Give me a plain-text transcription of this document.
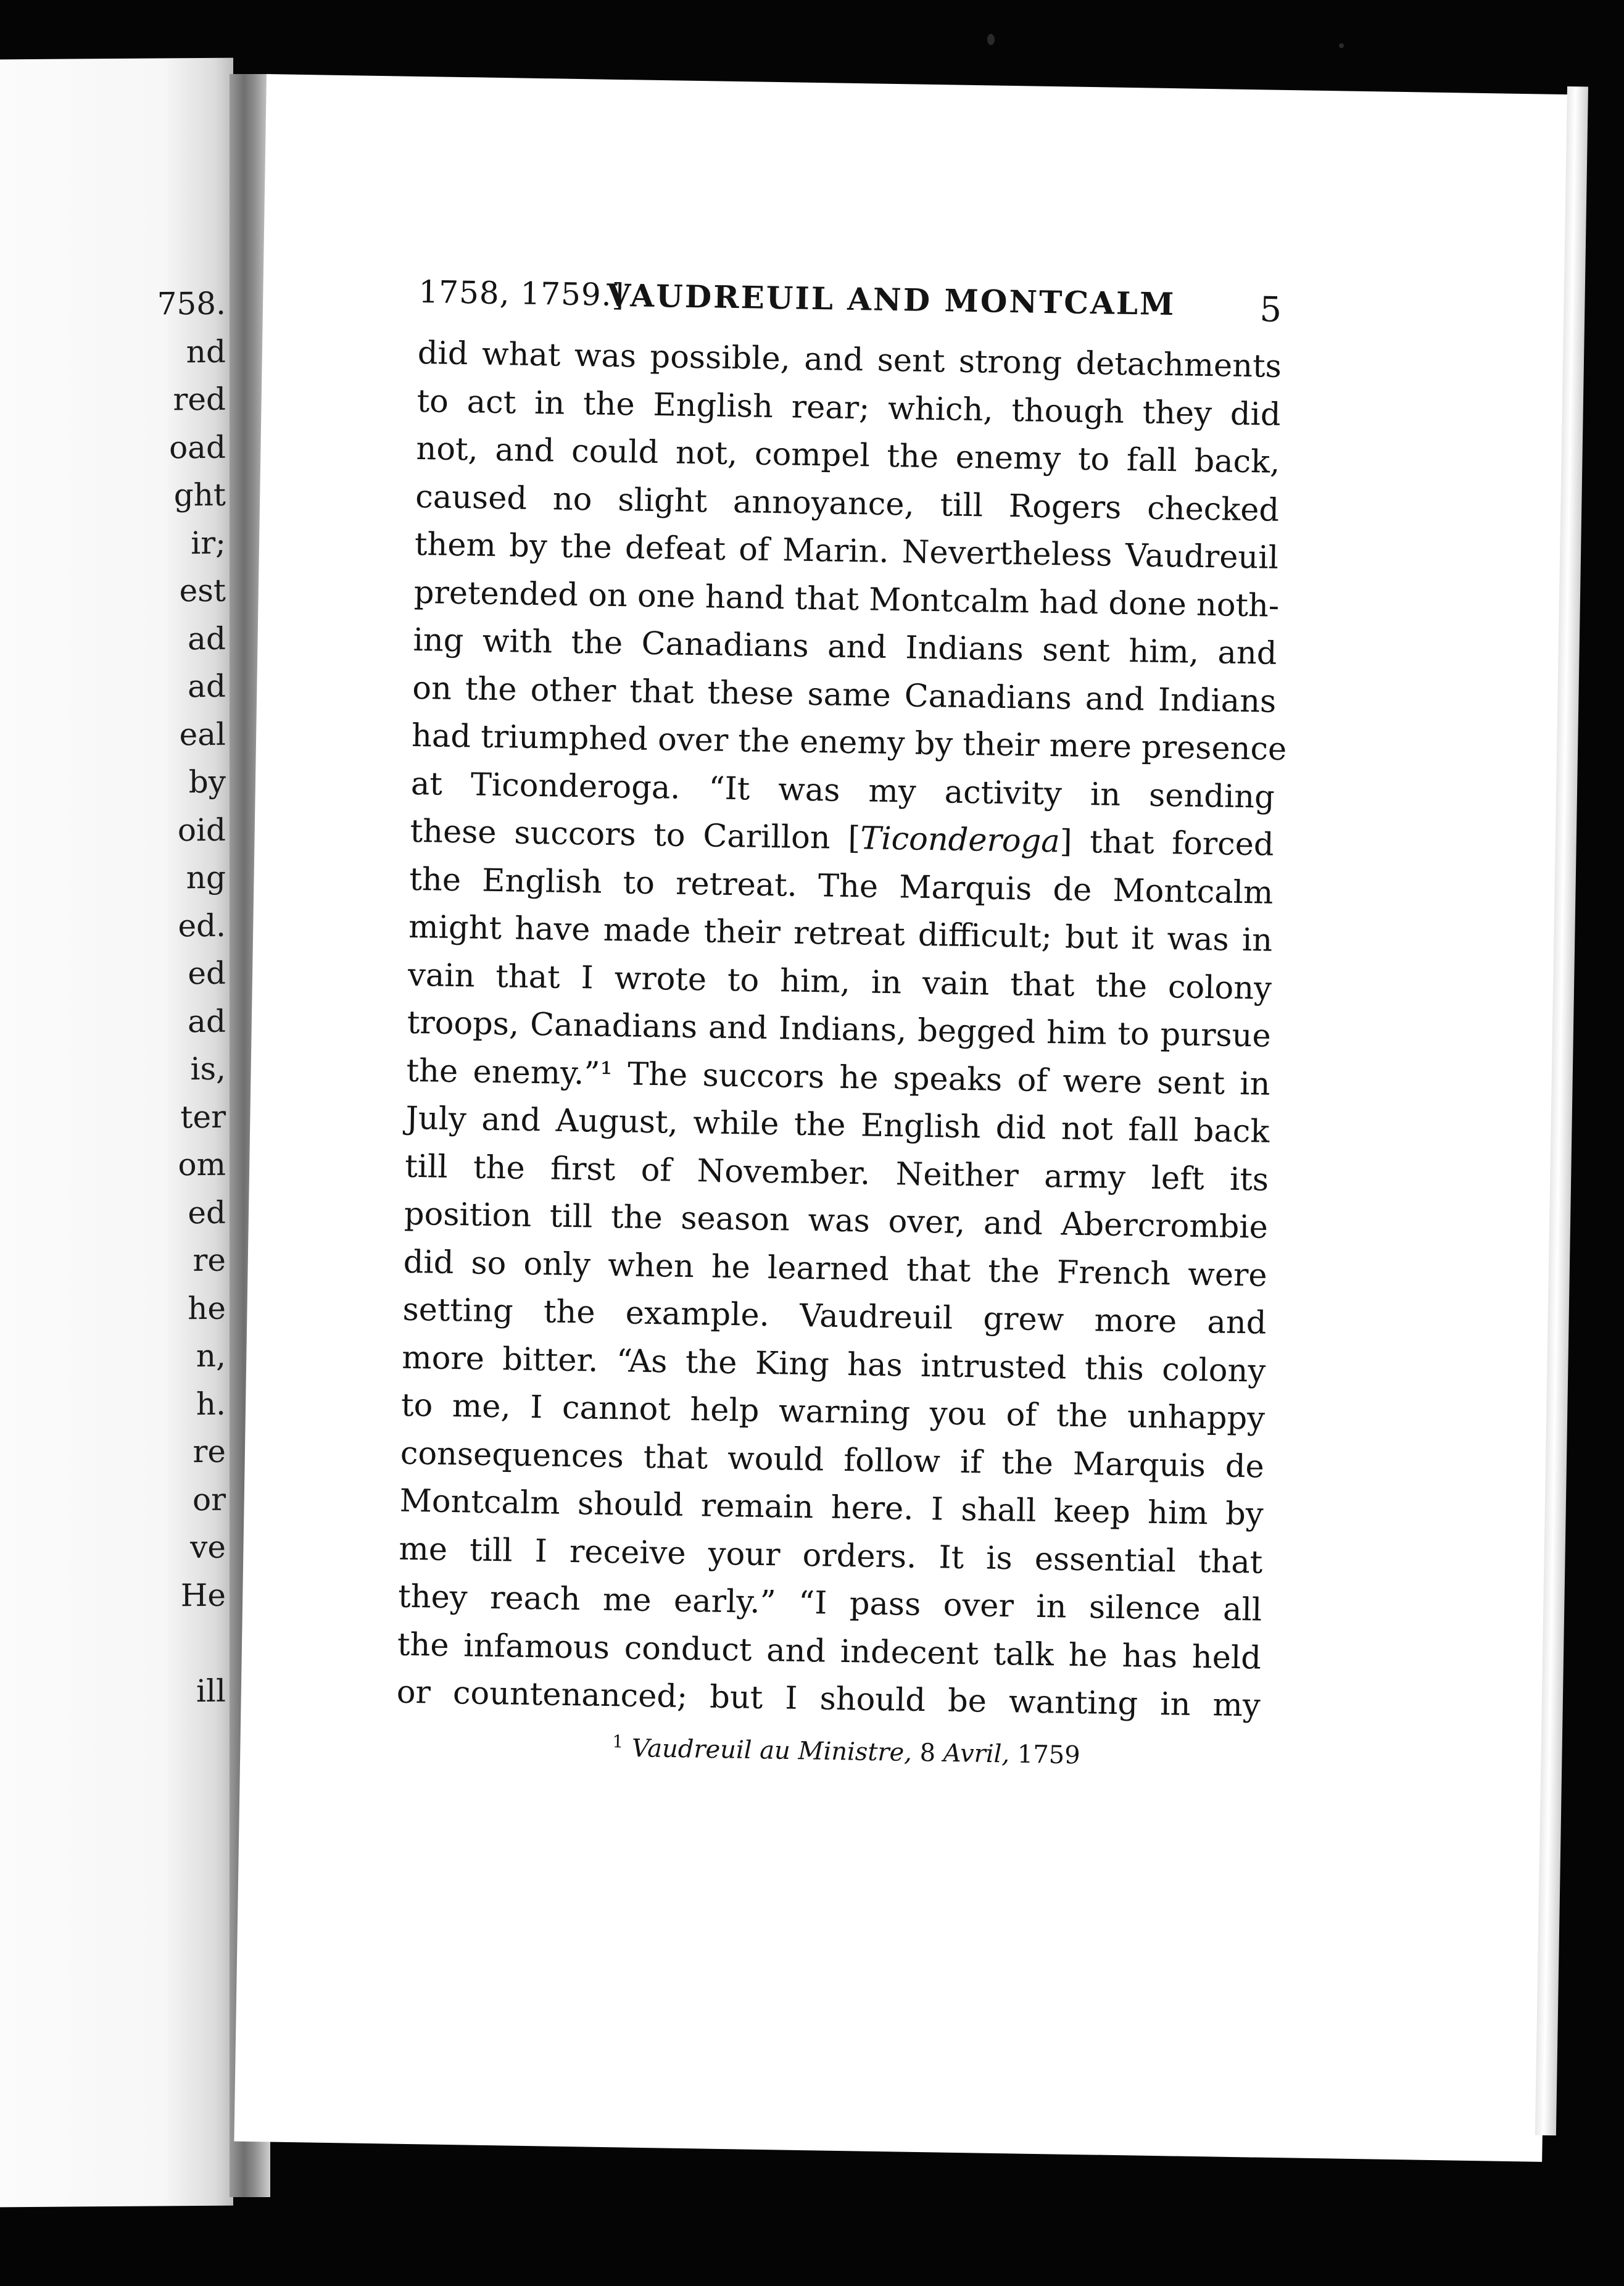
758.
nd
red
oad
ght
ir;
est
ad
ad
eal
by
oid
ng
ed.
ed
ad
is,
ter
om
ed
re
he
n,
h.
re
or
ve
He
ill
1758, 1759.]
VAUDREUIL AND MONTCALM 5
did what was possible, and sent strong detachments
to act in the English rear; which, though they did
not, and could not, compel the enemy to fall back,
caused no slight annoyance, till Rogers checked
them by the defeat of Marin. Nevertheless Vaudreuil
pretended on one hand that Montcalm had done noth-
ing with the Canadians and Indians sent him, and
on the other that these same Canadians and Indians
had triumphed over the enemy by their mere presence
at Ticonderoga. “It was my activity in sending
these succors to Carillon [Ticonderoga] that forced
the English to retreat. The Marquis de Montcalm
might have made their retreat difficult; but it was in
vain that I wrote to him, in vain that the colony
troops, Canadians and Indians, begged him to pursue
the enemy.”¹ The succors he speaks of were sent in
July and August, while the English did not fall back
till the first of November. Neither army left its
position till the season was over, and Abercrombie
did so only when he learned that the French were
setting the example. Vaudreuil grew more and
more bitter. “As the King has intrusted this colony
to me, I cannot help warning you of the unhappy
consequences that would follow if the Marquis de
Montcalm should remain here. I shall keep him by
me till I receive your orders. It is essential that
they reach me early.” “I pass over in silence all
the infamous conduct and indecent talk he has held
or countenanced; but I should be wanting in my
$^1$ Vaudreuil au Ministre, 8 Avril, 1759
